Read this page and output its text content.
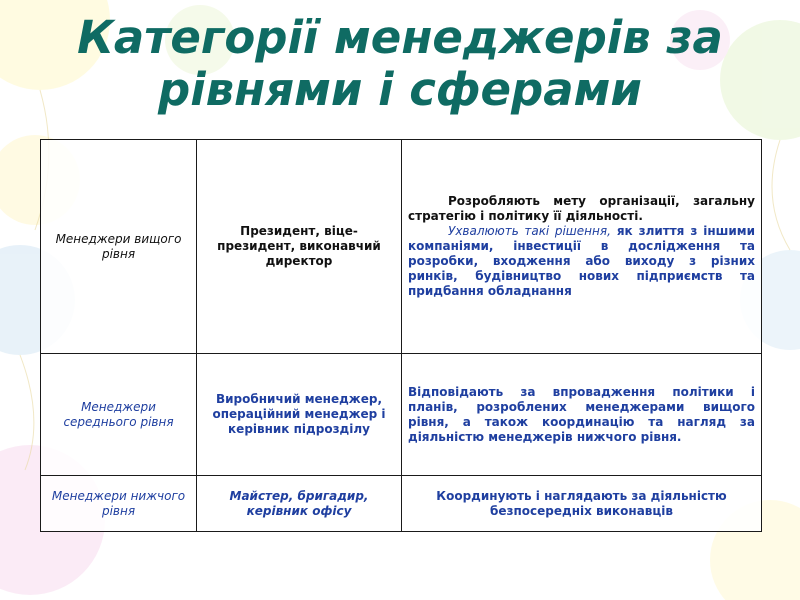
Категорії менеджерів за
рівнями і сферами
Менеджери вищого рівня	Президент, віце-президент, виконавчий директор	Розробляють мету організації, загальну стратегію і політику її діяльності.

Ухвалюють такі рішення, як злиття з іншими компаніями, інвестиції в дослідження та розробки, входження або виходу з різних ринків, будівництво нових підприємств та придбання обладнання

Менеджери середнього рівня	Виробничий менеджер, операційний менеджер і керівник підрозділу	Відповідають за впровадження політики і планів, розроблених менеджерами вищого рівня, а також координацію та нагляд за діяльністю менеджерів нижчого рівня.

Менеджери нижчого рівня	Майстер, бригадир, керівник офісу	Координують і наглядають за діяльністю безпосередніх виконавців
